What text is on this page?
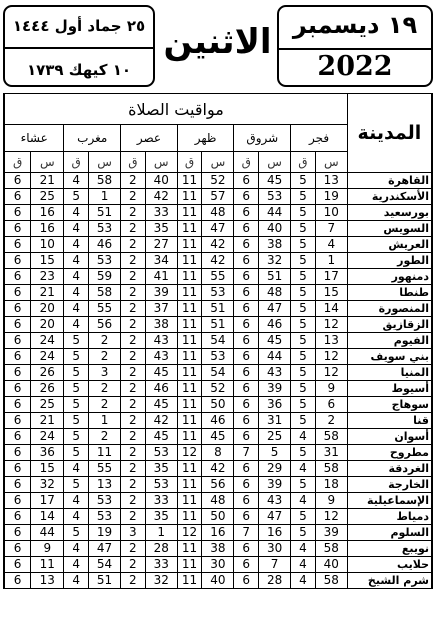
٢٥ جماد أول ١٤٤٤
١٠ كيهك ١٧٣٩
الاثنين ١٩ ديسمبر
2022
مواقيت الصلاة												المدينة
عشاء		مغرب		عصر		ظهر		شروق		فجر		
ق	س	ق	س	ق	س	ق	س	ق	س	ق	س	
6	21	4	58	2	40	11	52	6	45	5	13	القاهرة
6	25	5	1	2	42	11	57	6	53	5	19	الأسكندرية
6	16	4	51	2	33	11	48	6	44	5	10	بورسعيد
6	16	4	53	2	35	11	47	6	40	5	7	السويس
6	10	4	46	2	27	11	42	6	38	5	4	العريش
6	15	4	53	2	34	11	42	6	32	5	1	الطور
6	23	4	59	2	41	11	55	6	51	5	17	دمنهور
6	21	4	58	2	39	11	53	6	48	5	15	طنطا
6	20	4	55	2	37	11	51	6	47	5	14	المنصورة
6	20	4	56	2	38	11	51	6	46	5	12	الزقازيق
6	24	5	2	2	43	11	54	6	45	5	13	الفيوم
6	24	5	2	2	43	11	53	6	44	5	12	بني سويف
6	26	5	3	2	45	11	54	6	43	5	12	المنيا
6	26	5	2	2	46	11	52	6	39	5	9	أسيوط
6	25	5	2	2	45	11	50	6	36	5	6	سوهاج
6	21	5	1	2	42	11	46	6	31	5	2	قنا
6	24	5	2	2	45	11	45	6	25	4	58	أسوان
6	36	5	11	2	53	12	8	7	5	5	31	مطروح
6	15	4	55	2	35	11	42	6	29	4	58	الغردقة
6	32	5	13	2	53	11	56	6	39	5	18	الخارجة
6	17	4	53	2	33	11	48	6	43	4	9	الإسماعيلية
6	14	4	53	2	35	11	50	6	47	5	12	دمياط
6	44	5	19	3	1	12	16	7	16	5	39	السلوم
6	9	4	47	2	28	11	38	6	30	4	58	نويبع
6	11	4	54	2	33	11	30	6	7	4	40	حلايب
6	13	4	51	2	32	11	40	6	28	4	58	شرم الشيخ
